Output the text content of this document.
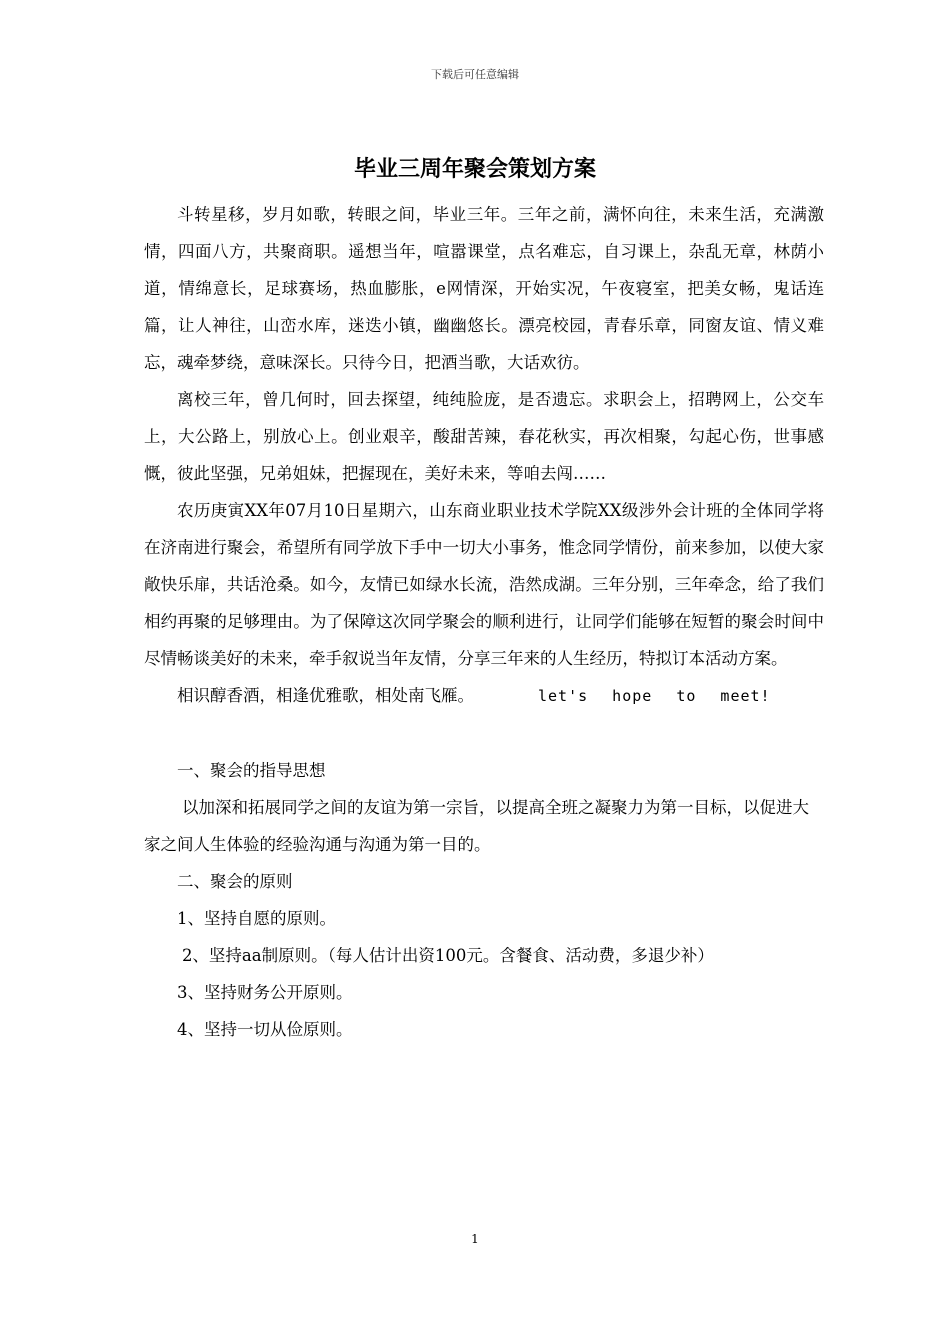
下载后可任意编辑
毕业三周年聚会策划方案

斗转星移，岁月如歌，转眼之间，毕业三年。三年之前，满怀向往，未来生活，充满激情，四面八方，共聚商职。遥想当年，喧嚣课堂，点名难忘，自习课上，杂乱无章，林荫小道，情绵意长，足球赛场，热血膨胀，e网情深，开始实况，午夜寝室，把美女畅，鬼话连篇，让人神往，山峦水库，迷迭小镇，幽幽悠长。漂亮校园，青春乐章，同窗友谊、情义难忘，魂牵梦绕，意味深长。只待今日，把酒当歌，大话欢彷。

离校三年，曾几何时，回去探望，纯纯脸庞，是否遗忘。求职会上，招聘网上，公交车上，大公路上，别放心上。创业艰辛，酸甜苦辣，春花秋实，再次相聚，勾起心伤，世事感慨，彼此坚强，兄弟姐妹，把握现在，美好未来，等咱去闯……

农历庚寅XX年07月10日星期六，山东商业职业技术学院XX级涉外会计班的全体同学将在济南进行聚会，希望所有同学放下手中一切大小事务，惟念同学情份，前来参加，以使大家敞快乐扉，共话沧桑。如今，友情已如绿水长流，浩然成湖。三年分别，三年牵念，给了我们相约再聚的足够理由。为了保障这次同学聚会的顺利进行，让同学们能够在短暂的聚会时间中尽情畅谈美好的未来，牵手叙说当年友情，分享三年来的人生经历，特拟订本活动方案。

相识醇香酒，相逢优雅歌，相处南飞雁。	let's hope to meet!

一、聚会的指导思想

以加深和拓展同学之间的友谊为第一宗旨，以提高全班之凝聚力为第一目标，以促进大家之间人生体验的经验沟通与沟通为第一目的。

二、聚会的原则

1、坚持自愿的原则。

2、坚持aa制原则。（每人估计出资100元。含餐食、活动费，多退少补）

3、坚持财务公开原则。

4、坚持一切从俭原则。

1
